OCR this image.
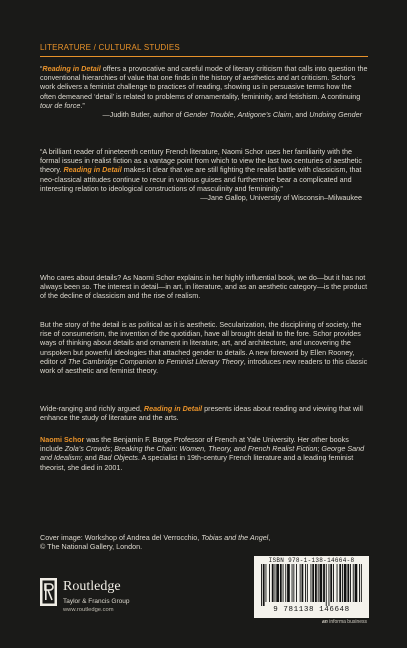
LITERATURE / CULTURAL STUDIES

“Reading in Detail offers a provocative and careful mode of literary criticism that calls into question the conventional hierarchies of value that one finds in the history of aesthetics and art criticism. Schor’s work delivers a feminist challenge to practices of reading, showing us in persuasive terms how the often demeaned ‘detail’ is related to problems of ornamentality, femininity, and fetishism. A continuing tour de force.”

—Judith Butler, author of Gender Trouble, Antigone’s Claim, and Undoing Gender

“A brilliant reader of nineteenth century French literature, Naomi Schor uses her familiarity with the formal issues in realist fiction as a vantage point from which to view the last two centuries of aesthetic theory. Reading in Detail makes it clear that we are still fighting the realist battle with classicism, that neo-classical attitudes continue to recur in various guises and furthermore bear a complicated and interesting relation to ideological constructions of masculinity and femininity.”

—Jane Gallop, University of Wisconsin–Milwaukee

Who cares about details? As Naomi Schor explains in her highly influential book, we do—but it has not always been so. The interest in detail—in art, in literature, and as an aesthetic category—is the product of the decline of classicism and the rise of realism.

But the story of the detail is as political as it is aesthetic. Secularization, the disciplining of society, the rise of consumerism, the invention of the quotidian, have all brought detail to the fore. Schor provides ways of thinking about details and ornament in literature, art, and architecture, and uncovering the unspoken but powerful ideologies that attached gender to details. A new foreword by Ellen Rooney, editor of The Cambridge Companion to Feminist Literary Theory, introduces new readers to this classic work of aesthetic and feminist theory.

Wide-ranging and richly argued, Reading in Detail presents ideas about reading and viewing that will enhance the study of literature and the arts.

Naomi Schor was the Benjamin F. Barge Professor of French at Yale University. Her other books include Zola’s Crowds; Breaking the Chain: Women, Theory, and French Realist Fiction; George Sand and Idealism; and Bad Objects. A specialist in 19th-century French literature and a leading feminist theorist, she died in 2001.

Cover image: Workshop of Andrea del Verrocchio, Tobias and the Angel,

© The National Gallery, London.

Routledge
Taylor & Francis Group
www.routledge.com
ISBN 978-1-138-14664-8
9 781138 146648
an informa business
